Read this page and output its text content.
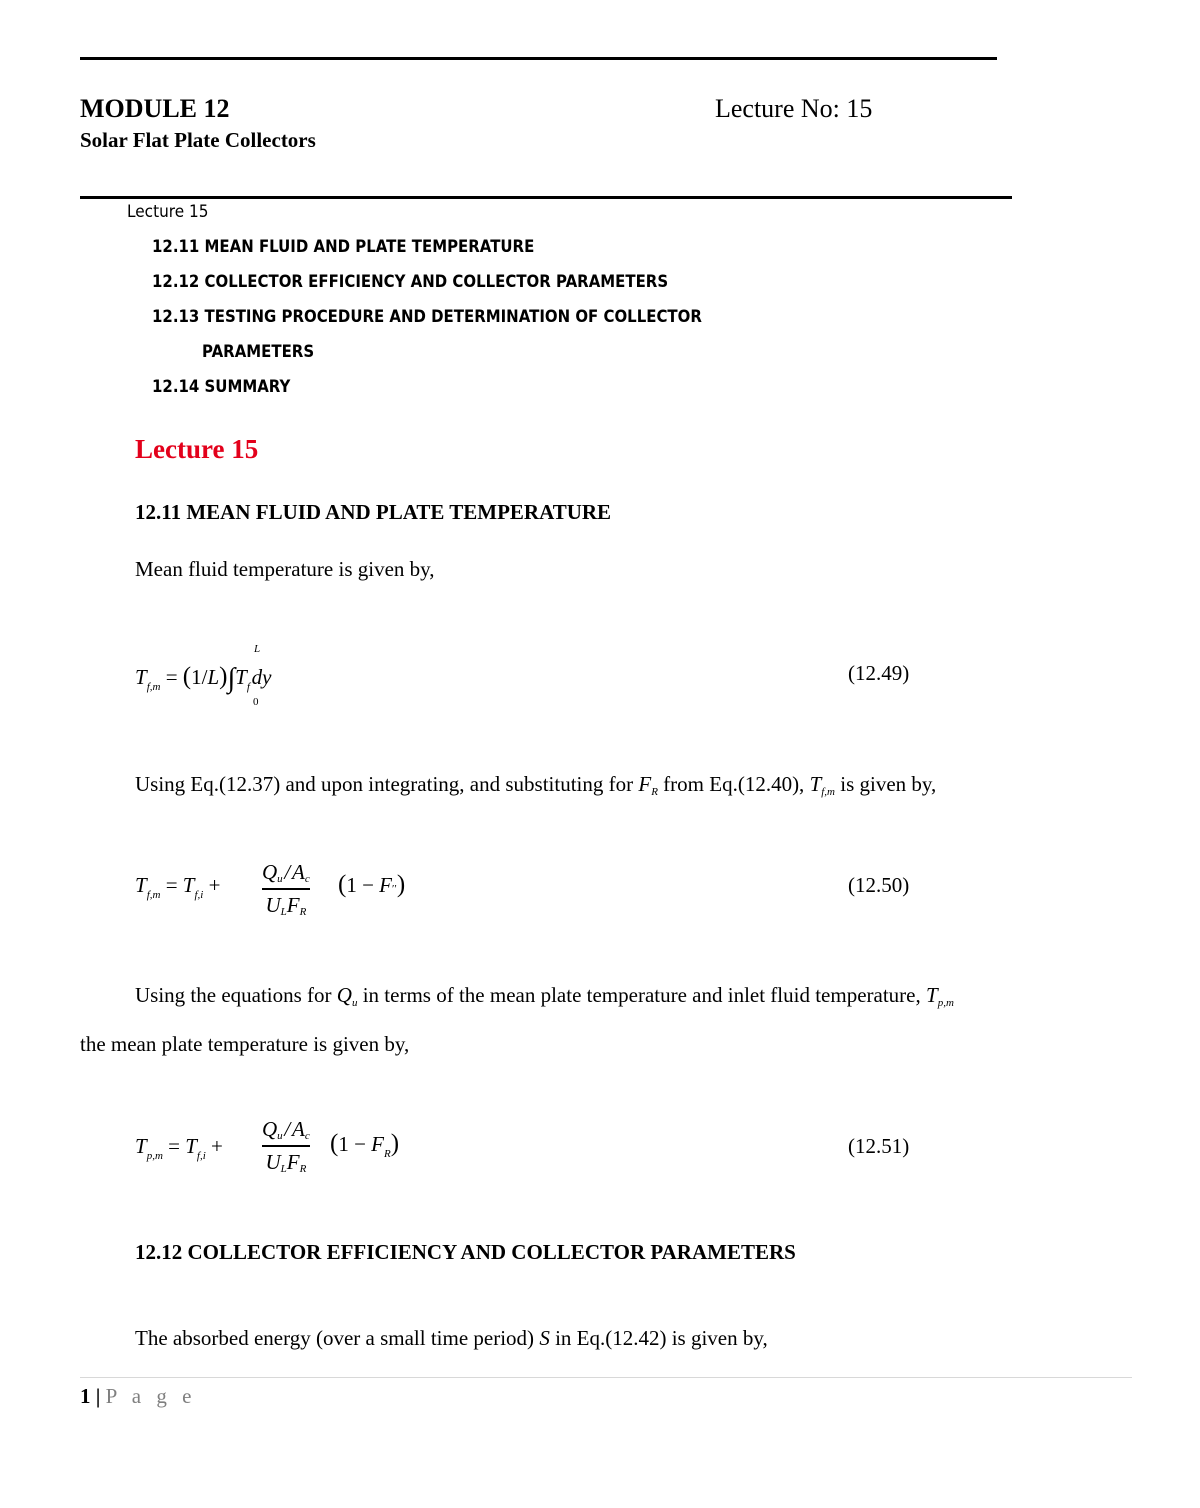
MODULE 12	Lecture No: 15
Solar Flat Plate Collectors
Lecture 15
12.11 MEAN FLUID AND PLATE TEMPERATURE
12.12 COLLECTOR EFFICIENCY AND COLLECTOR PARAMETERS
12.13 TESTING PROCEDURE AND DETERMINATION OF COLLECTOR
PARAMETERS
12.14 SUMMARY
Lecture 15
12.11 MEAN FLUID AND PLATE TEMPERATURE
Mean fluid temperature is given by,
$T_{f,m} = (1/L)\int T_f$ dy
L
0
(12.49)
Using Eq.(12.37) and upon integrating, and substituting for FR from Eq.(12.40), Tf,m is given by,
$T_{f,m} = T_{f,i}$ +
Qu / Ac
ULFR
(1 − F′′)	(12.50)
Using the equations for Qu in terms of the mean plate temperature and inlet fluid temperature, Tp,m
the mean plate temperature is given by,
$T_{p,m} = T_{f,i}$ +
Qu / Ac
ULFR
$(1 - F_R)$	(12.51)
12.12 COLLECTOR EFFICIENCY AND COLLECTOR PARAMETERS
The absorbed energy (over a small time period) S in Eq.(12.42) is given by,
1 | P a g e
